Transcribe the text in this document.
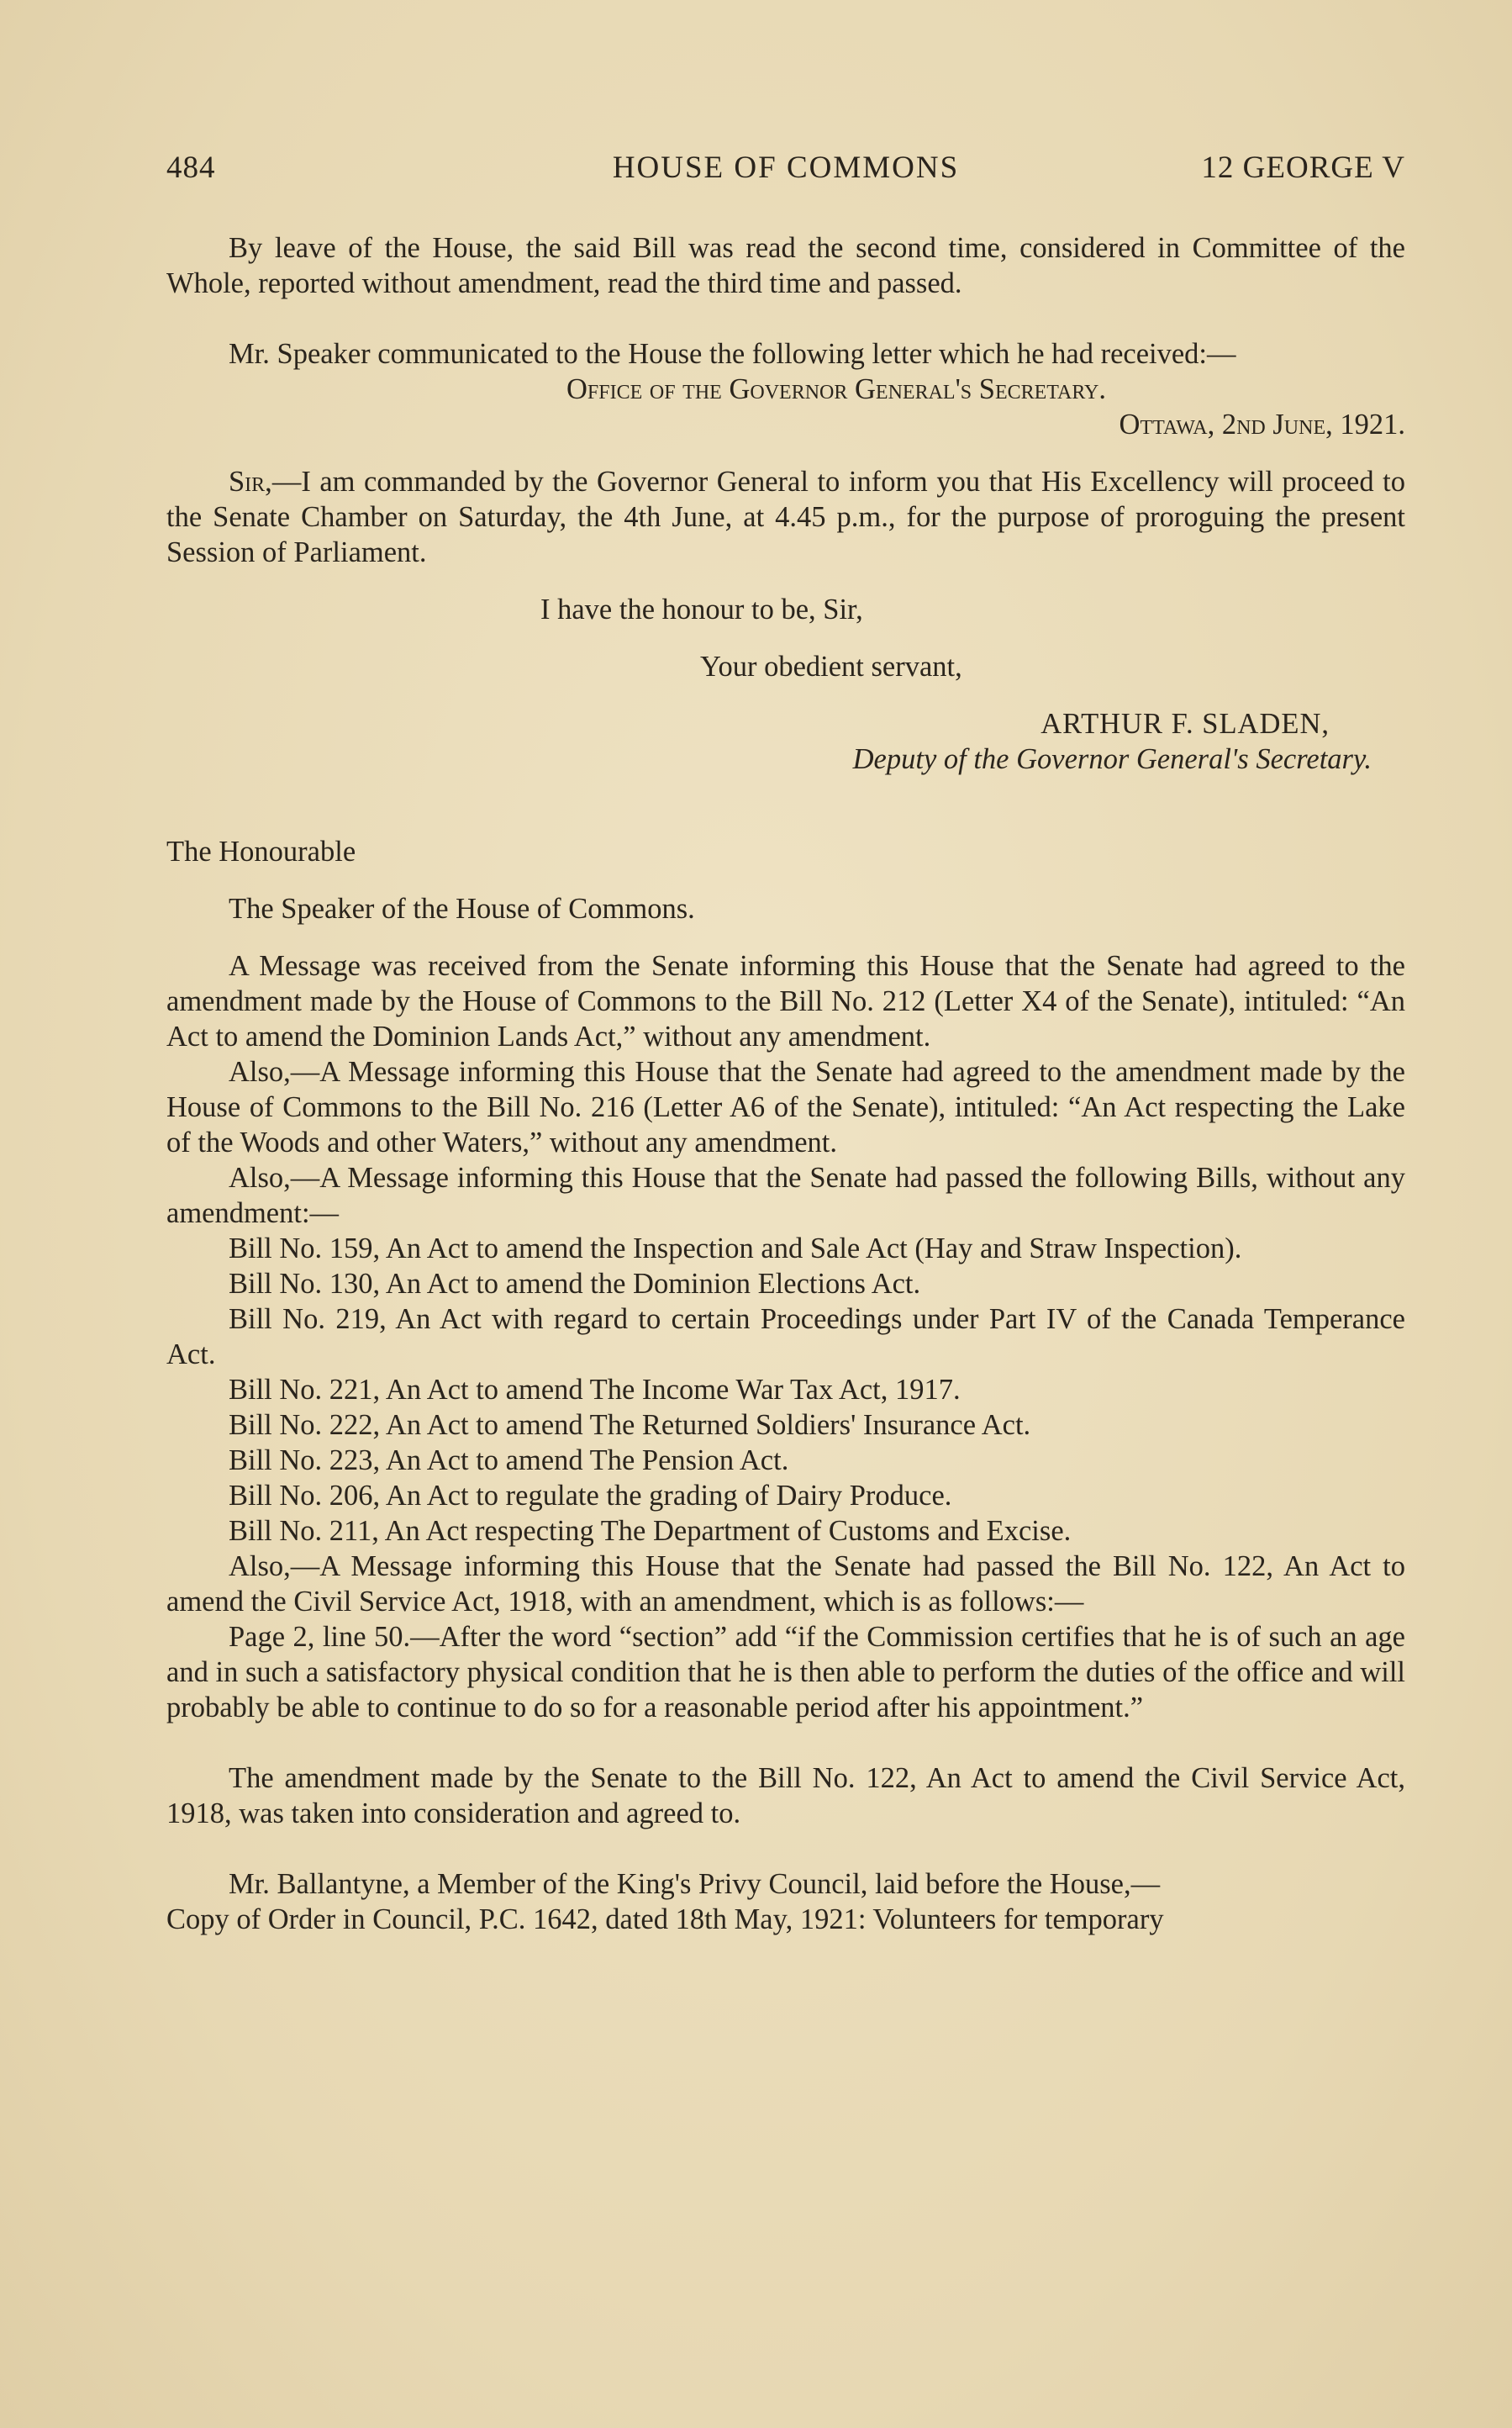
484	HOUSE OF COMMONS	12 GEORGE V

By leave of the House, the said Bill was read the second time, considered in Committee of the Whole, reported without amendment, read the third time and passed.

Mr. Speaker communicated to the House the following letter which he had received:—

Office of the Governor General's Secretary.

Ottawa, 2nd June, 1921.

Sir,—I am commanded by the Governor General to inform you that His Excellency will proceed to the Senate Chamber on Saturday, the 4th June, at 4.45 p.m., for the purpose of proroguing the present Session of Parliament.

I have the honour to be, Sir,

Your obedient servant,

ARTHUR F. SLADEN,

Deputy of the Governor General's Secretary.

The Honourable

The Speaker of the House of Commons.

A Message was received from the Senate informing this House that the Senate had agreed to the amendment made by the House of Commons to the Bill No. 212 (Letter X4 of the Senate), intituled: “An Act to amend the Dominion Lands Act,” without any amendment.

Also,—A Message informing this House that the Senate had agreed to the amendment made by the House of Commons to the Bill No. 216 (Letter A6 of the Senate), intituled: “An Act respecting the Lake of the Woods and other Waters,” without any amendment.

Also,—A Message informing this House that the Senate had passed the following Bills, without any amendment:—

Bill No. 159, An Act to amend the Inspection and Sale Act (Hay and Straw Inspection).

Bill No. 130, An Act to amend the Dominion Elections Act.

Bill No. 219, An Act with regard to certain Proceedings under Part IV of the Canada Temperance Act.

Bill No. 221, An Act to amend The Income War Tax Act, 1917.

Bill No. 222, An Act to amend The Returned Soldiers' Insurance Act.

Bill No. 223, An Act to amend The Pension Act.

Bill No. 206, An Act to regulate the grading of Dairy Produce.

Bill No. 211, An Act respecting The Department of Customs and Excise.

Also,—A Message informing this House that the Senate had passed the Bill No. 122, An Act to amend the Civil Service Act, 1918, with an amendment, which is as follows:—

Page 2, line 50.—After the word “section” add “if the Commission certifies that he is of such an age and in such a satisfactory physical condition that he is then able to perform the duties of the office and will probably be able to continue to do so for a reasonable period after his appointment.”

The amendment made by the Senate to the Bill No. 122, An Act to amend the Civil Service Act, 1918, was taken into consideration and agreed to.

Mr. Ballantyne, a Member of the King's Privy Council, laid before the House,—

Copy of Order in Council, P.C. 1642, dated 18th May, 1921: Volunteers for temporary
